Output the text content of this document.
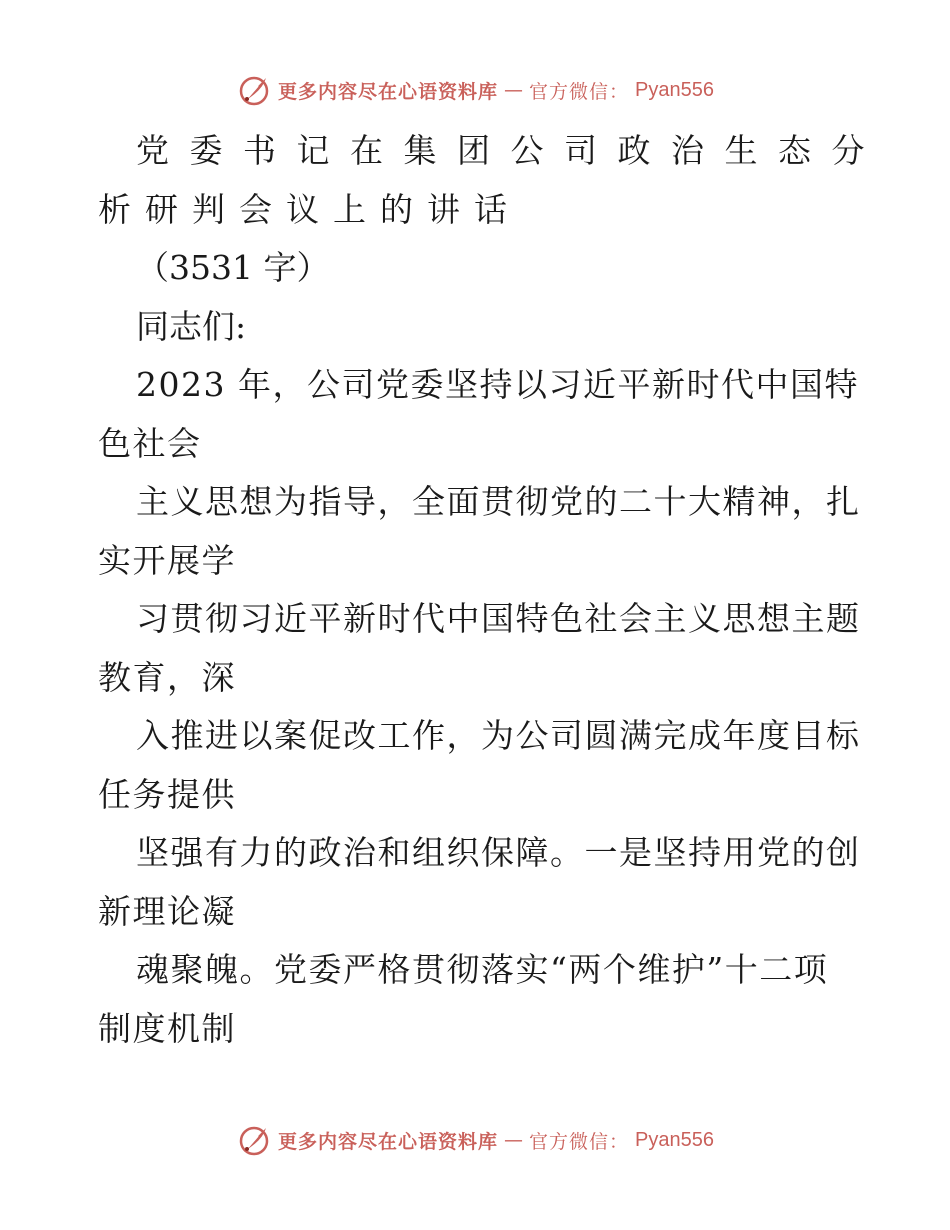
更多内容尽在心语资料库 — 官方微信： Pyan556
党委书记在集团公司政治生态分
析研判会议上的讲话
（3531 字）
同志们:
2023 年，公司党委坚持以习近平新时代中国特
色社会
主义思想为指导，全面贯彻党的二十大精神，扎
实开展学
习贯彻习近平新时代中国特色社会主义思想主题
教育，深
入推进以案促改工作，为公司圆满完成年度目标
任务提供
坚强有力的政治和组织保障。一是坚持用党的创
新理论凝
魂聚魄。党委严格贯彻落实“两个维护”十二项
制度机制
更多内容尽在心语资料库 — 官方微信： Pyan556
